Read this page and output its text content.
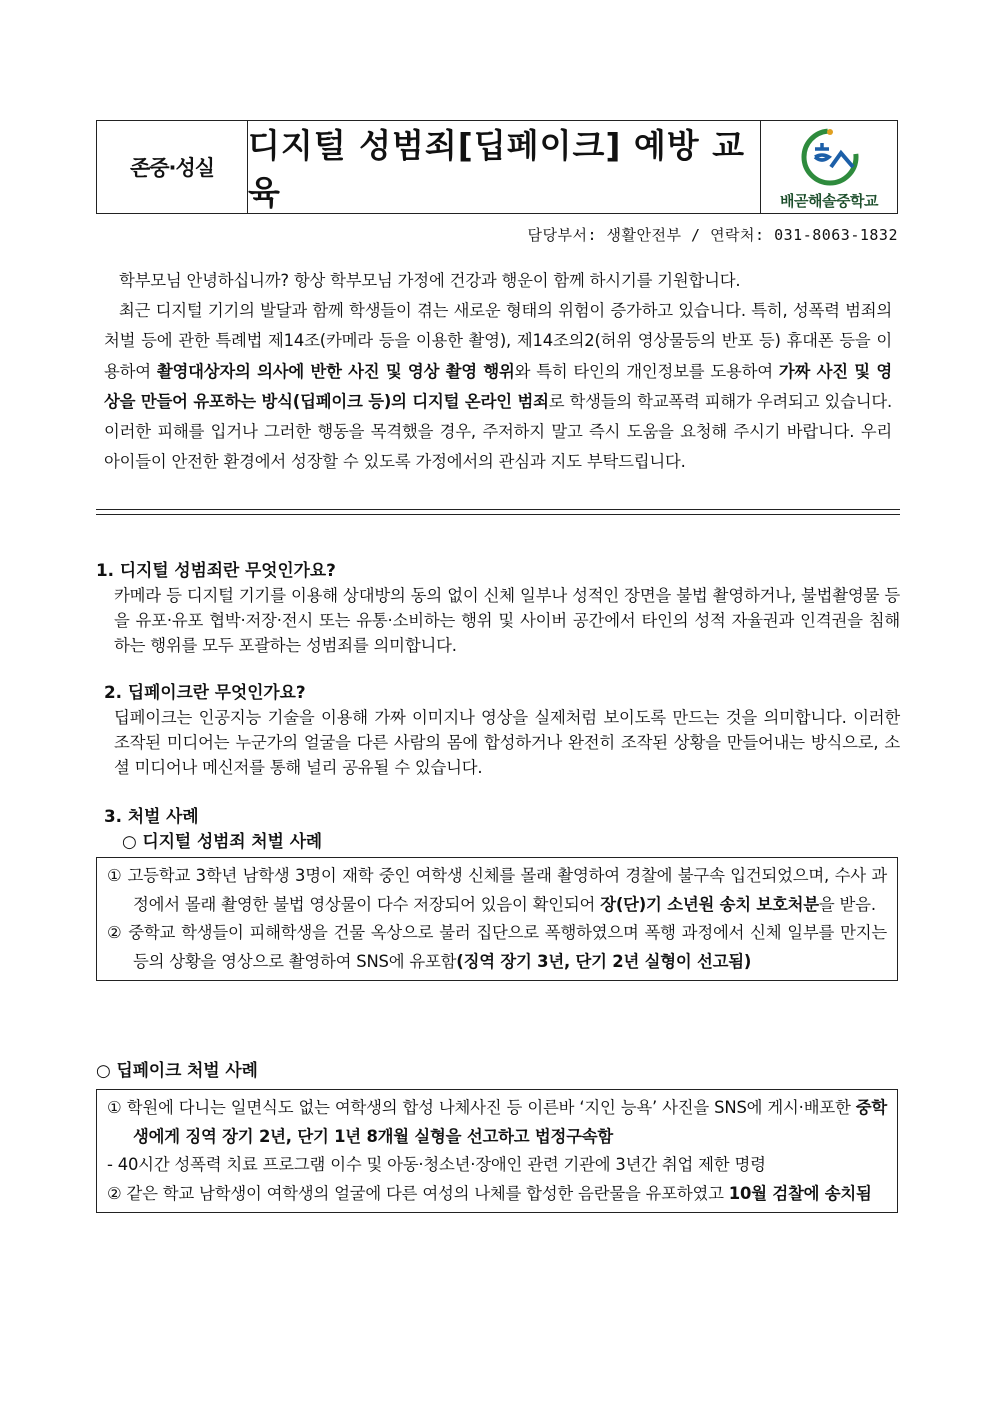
존중·성실
디지털 성범죄[딥페이크] 예방 교육	배곧해솔중학교
담당부서: 생활안전부 / 연락처: 031-8063-1832

학부모님 안녕하십니까? 항상 학부모님 가정에 건강과 행운이 함께 하시기를 기원합니다.

최근 디지털 기기의 발달과 함께 학생들이 겪는 새로운 형태의 위험이 증가하고 있습니다. 특히, 성폭력 범죄의 처벌 등에 관한 특례법 제14조(카메라 등을 이용한 촬영), 제14조의2(허위 영상물등의 반포 등) 휴대폰 등을 이용하여 촬영대상자의 의사에 반한 사진 및 영상 촬영 행위와 특히 타인의 개인정보를 도용하여 가짜 사진 및 영상을 만들어 유포하는 방식(딥페이크 등)의 디지털 온라인 범죄로 학생들의 학교폭력 피해가 우려되고 있습니다. 이러한 피해를 입거나 그러한 행동을 목격했을 경우, 주저하지 말고 즉시 도움을 요청해 주시기 바랍니다. 우리 아이들이 안전한 환경에서 성장할 수 있도록 가정에서의 관심과 지도 부탁드립니다.

1. 디지털 성범죄란 무엇인가요?
카메라 등 디지털 기기를 이용해 상대방의 동의 없이 신체 일부나 성적인 장면을 불법 촬영하거나, 불법촬영물 등을 유포·유포 협박·저장·전시 또는 유통·소비하는 행위 및 사이버 공간에서 타인의 성적 자율권과 인격권을 침해하는 행위를 모두 포괄하는 성범죄를 의미합니다.
2. 딥페이크란 무엇인가요?
딥페이크는 인공지능 기술을 이용해 가짜 이미지나 영상을 실제처럼 보이도록 만드는 것을 의미합니다. 이러한 조작된 미디어는 누군가의 얼굴을 다른 사람의 몸에 합성하거나 완전히 조작된 상황을 만들어내는 방식으로, 소셜 미디어나 메신저를 통해 널리 공유될 수 있습니다.
3. 처벌 사례
○ 디지털 성범죄 처벌 사례
① 고등학교 3학년 남학생 3명이 재학 중인 여학생 신체를 몰래 촬영하여 경찰에 불구속 입건되었으며, 수사 과정에서 몰래 촬영한 불법 영상물이 다수 저장되어 있음이 확인되어 장(단)기 소년원 송치 보호처분을 받음.
② 중학교 학생들이 피해학생을 건물 옥상으로 불러 집단으로 폭행하였으며 폭행 과정에서 신체 일부를 만지는 등의 상황을 영상으로 촬영하여 SNS에 유포함(징역 장기 3년, 단기 2년 실형이 선고됨)
○ 딥페이크 처벌 사례
① 학원에 다니는 일면식도 없는 여학생의 합성 나체사진 등 이른바 ‘지인 능욕’ 사진을 SNS에 게시·배포한 중학생에게 징역 장기 2년, 단기 1년 8개월 실형을 선고하고 법정구속함
- 40시간 성폭력 치료 프로그램 이수 및 아동·청소년·장애인 관련 기관에 3년간 취업 제한 명령
② 같은 학교 남학생이 여학생의 얼굴에 다른 여성의 나체를 합성한 음란물을 유포하였고 10월 검찰에 송치됨
